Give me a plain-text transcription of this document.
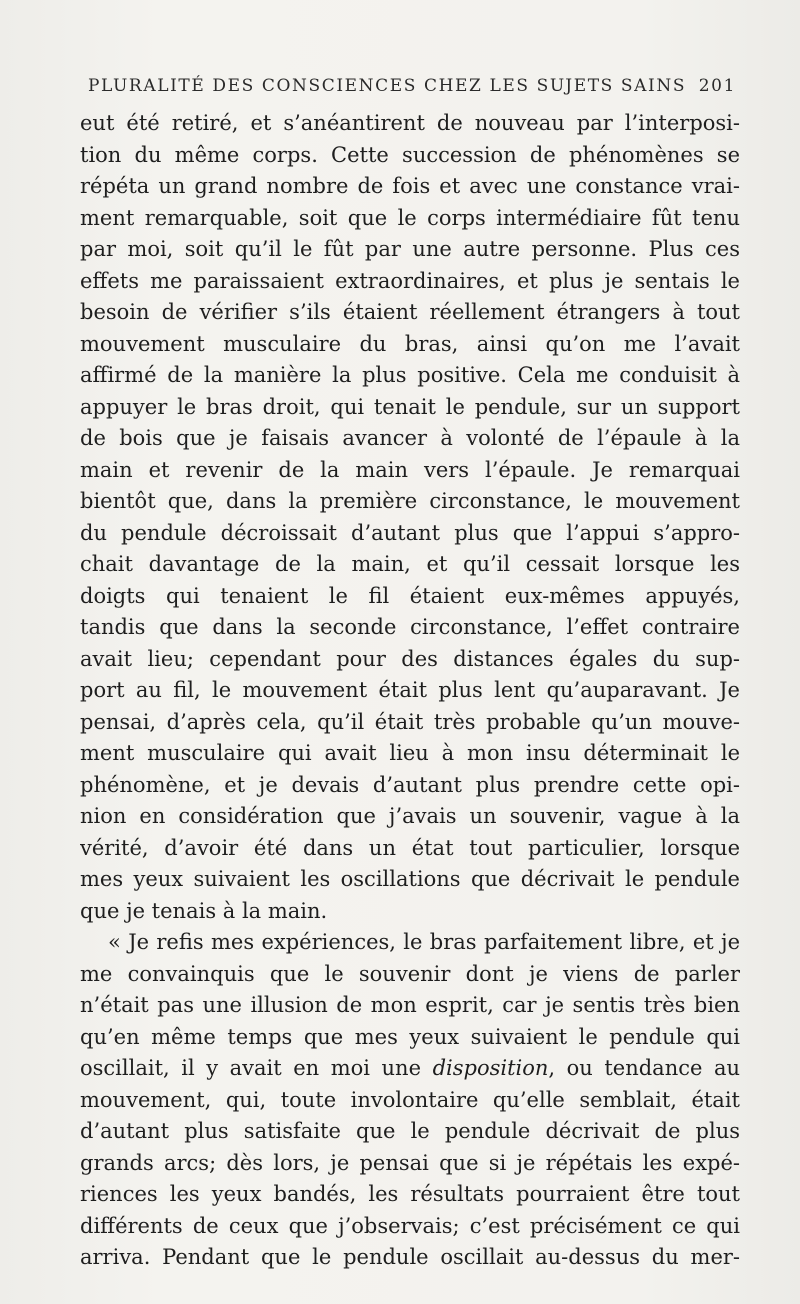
PLURALITÉ DES CONSCIENCES CHEZ LES SUJETS SAINS 201
eut été retiré, et s’anéantirent de nouveau par l’interposi-
tion du même corps. Cette succession de phénomènes se
répéta un grand nombre de fois et avec une constance vrai-
ment remarquable, soit que le corps intermédiaire fût tenu
par moi, soit qu’il le fût par une autre personne. Plus ces
effets me paraissaient extraordinaires, et plus je sentais le
besoin de vérifier s’ils étaient réellement étrangers à tout
mouvement musculaire du bras, ainsi qu’on me l’avait
affirmé de la manière la plus positive. Cela me conduisit à
appuyer le bras droit, qui tenait le pendule, sur un support
de bois que je faisais avancer à volonté de l’épaule à la
main et revenir de la main vers l’épaule. Je remarquai
bientôt que, dans la première circonstance, le mouvement
du pendule décroissait d’autant plus que l’appui s’appro-
chait davantage de la main, et qu’il cessait lorsque les
doigts qui tenaient le fil étaient eux-mêmes appuyés,
tandis que dans la seconde circonstance, l’effet contraire
avait lieu; cependant pour des distances égales du sup-
port au fil, le mouvement était plus lent qu’auparavant. Je
pensai, d’après cela, qu’il était très probable qu’un mouve-
ment musculaire qui avait lieu à mon insu déterminait le
phénomène, et je devais d’autant plus prendre cette opi-
nion en considération que j’avais un souvenir, vague à la
vérité, d’avoir été dans un état tout particulier, lorsque
mes yeux suivaient les oscillations que décrivait le pendule
que je tenais à la main.
« Je refis mes expériences, le bras parfaitement libre, et je
me convainquis que le souvenir dont je viens de parler
n’était pas une illusion de mon esprit, car je sentis très bien
qu’en même temps que mes yeux suivaient le pendule qui
oscillait, il y avait en moi une disposition, ou tendance au
mouvement, qui, toute involontaire qu’elle semblait, était
d’autant plus satisfaite que le pendule décrivait de plus
grands arcs; dès lors, je pensai que si je répétais les expé-
riences les yeux bandés, les résultats pourraient être tout
différents de ceux que j’observais; c’est précisément ce qui
arriva. Pendant que le pendule oscillait au-dessus du mer-
